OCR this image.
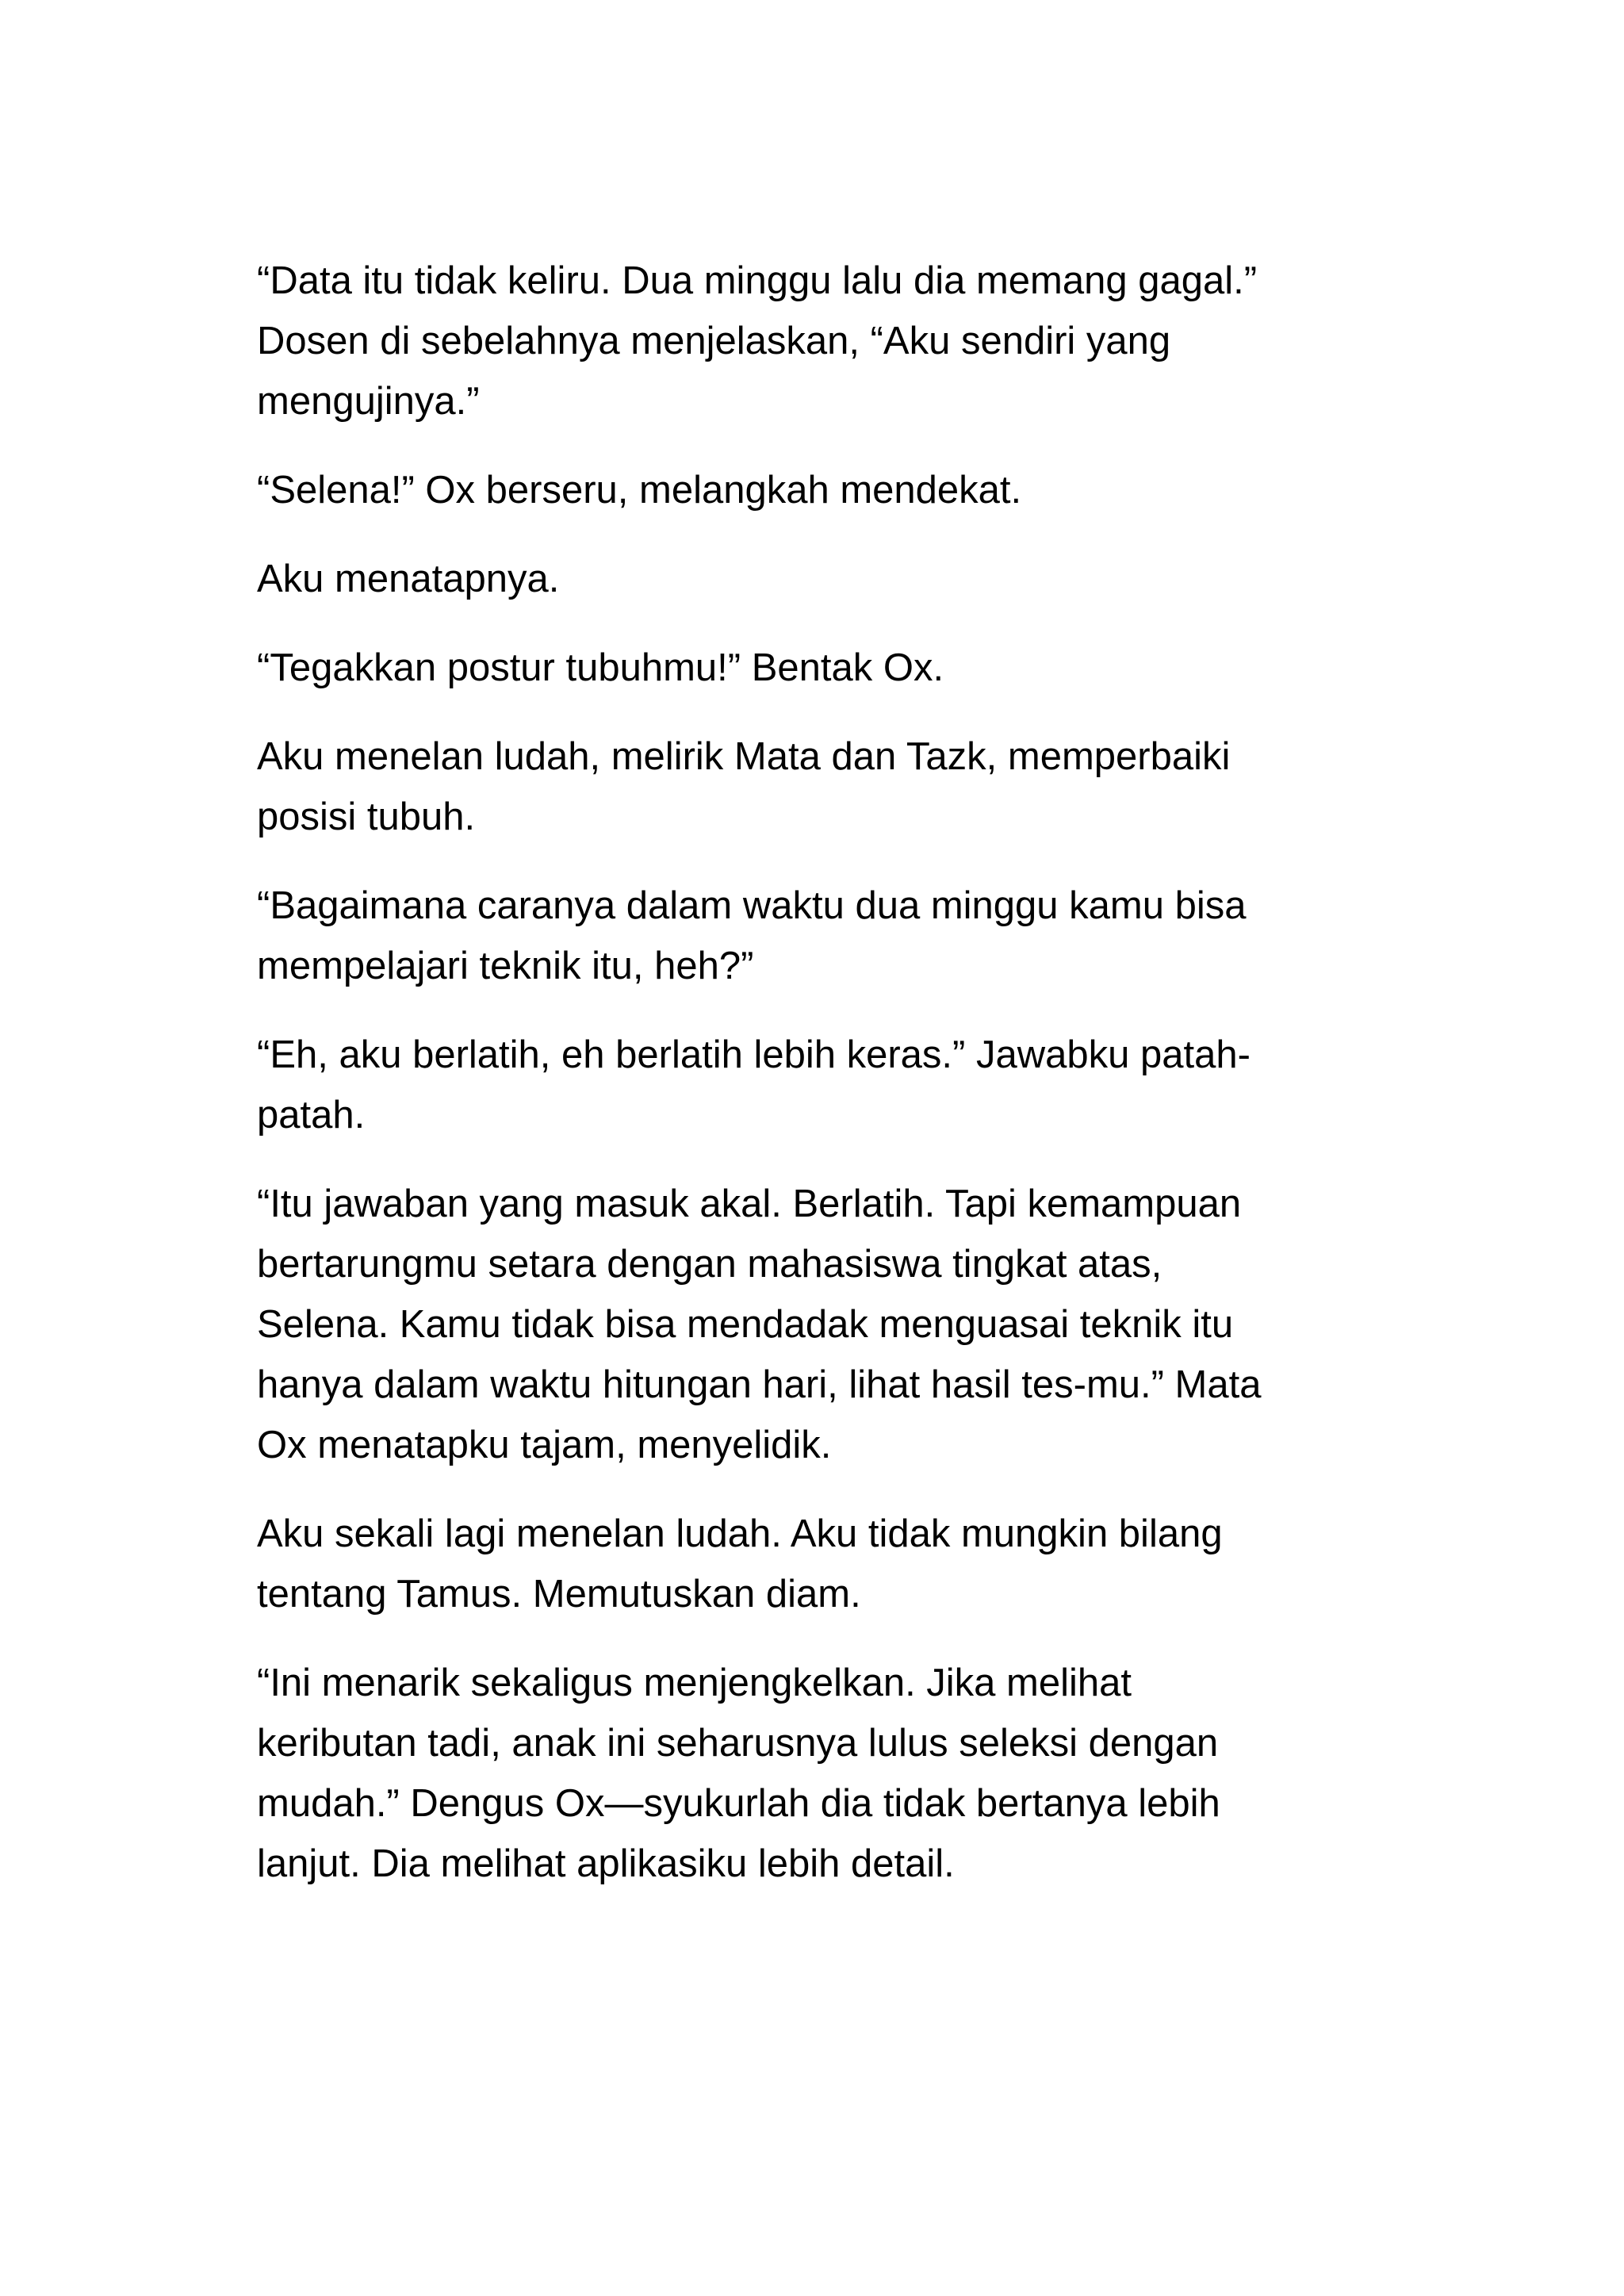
“Data itu tidak keliru. Dua minggu lalu dia memang gagal.”
Dosen di sebelahnya menjelaskan, “Aku sendiri yang
mengujinya.”

“Selena!” Ox berseru, melangkah mendekat.

Aku menatapnya.

“Tegakkan postur tubuhmu!” Bentak Ox.

Aku menelan ludah, melirik Mata dan Tazk, memperbaiki
posisi tubuh.

“Bagaimana caranya dalam waktu dua minggu kamu bisa
mempelajari teknik itu, heh?”

“Eh, aku berlatih, eh berlatih lebih keras.” Jawabku patah-
patah.

“Itu jawaban yang masuk akal. Berlatih. Tapi kemampuan
bertarungmu setara dengan mahasiswa tingkat atas,
Selena. Kamu tidak bisa mendadak menguasai teknik itu
hanya dalam waktu hitungan hari, lihat hasil tes-mu.” Mata
Ox menatapku tajam, menyelidik.

Aku sekali lagi menelan ludah. Aku tidak mungkin bilang
tentang Tamus. Memutuskan diam.

“Ini menarik sekaligus menjengkelkan. Jika melihat
keributan tadi, anak ini seharusnya lulus seleksi dengan
mudah.” Dengus Ox—syukurlah dia tidak bertanya lebih
lanjut. Dia melihat aplikasiku lebih detail.
